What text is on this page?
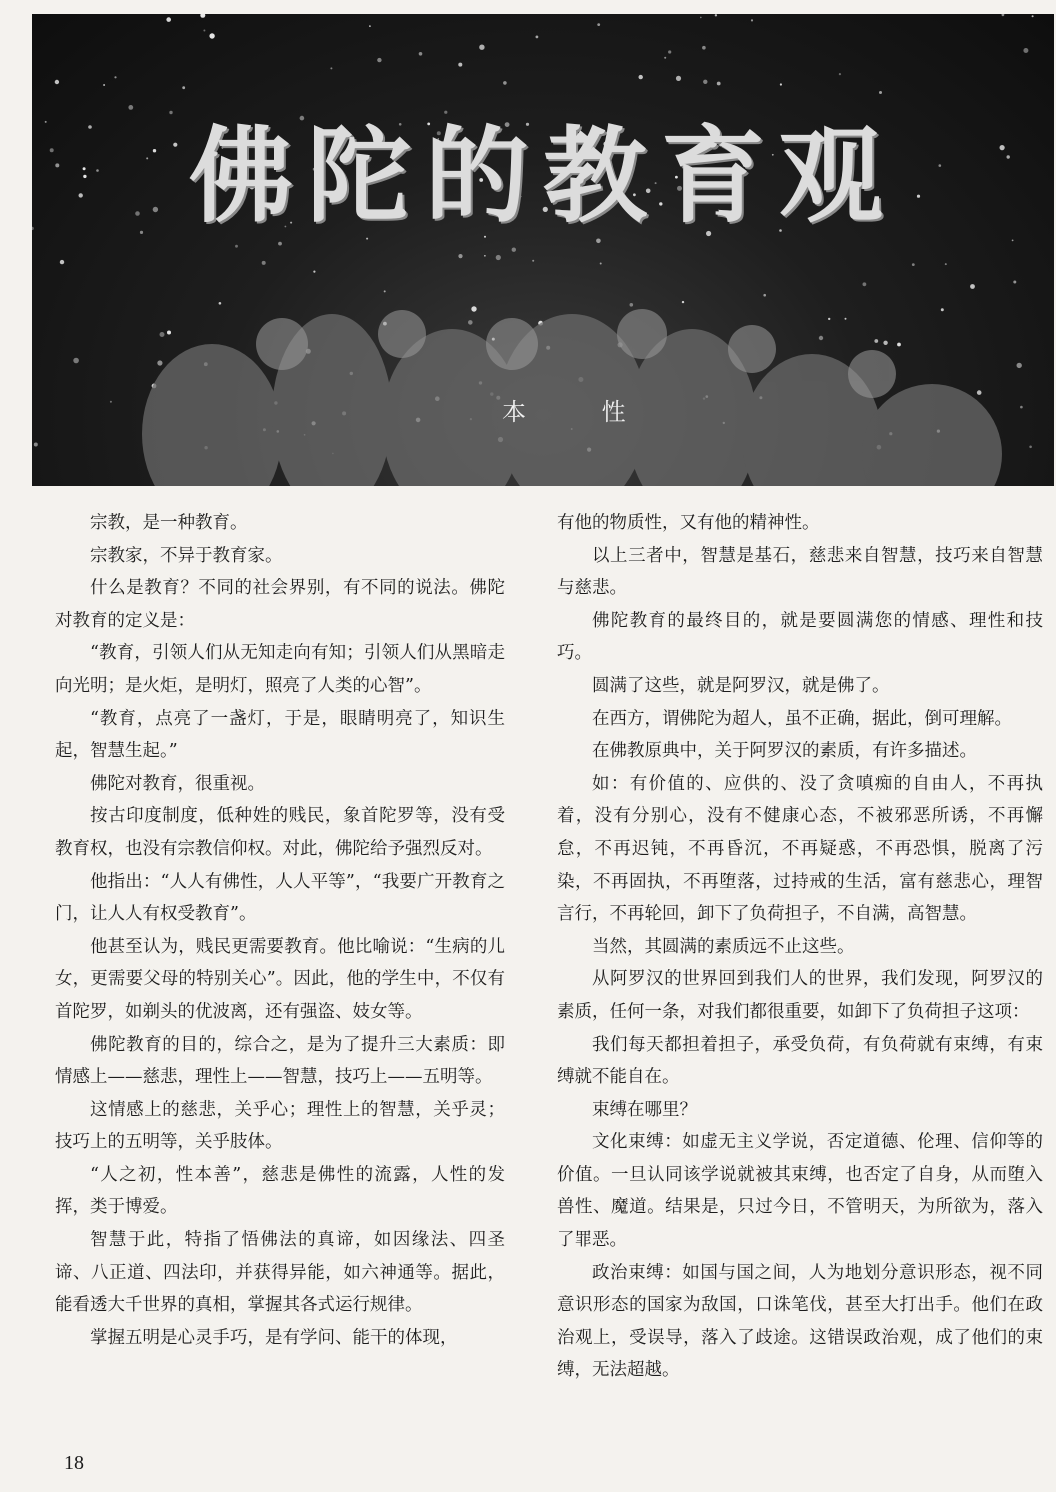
佛陀的教育观
本 性

宗教，是一种教育。

宗教家，不异于教育家。

什么是教育？不同的社会界别，有不同的说法。佛陀对教育的定义是：

“教育，引领人们从无知走向有知；引领人们从黑暗走向光明；是火炬，是明灯，照亮了人类的心智”。

“教育，点亮了一盏灯，于是，眼睛明亮了，知识生起，智慧生起。”

佛陀对教育，很重视。

按古印度制度，低种姓的贱民，象首陀罗等，没有受教育权，也没有宗教信仰权。对此，佛陀给予强烈反对。

他指出：“人人有佛性，人人平等”，“我要广开教育之门，让人人有权受教育”。

他甚至认为，贱民更需要教育。他比喻说：“生病的儿女，更需要父母的特别关心”。因此，他的学生中，不仅有首陀罗，如剃头的优波离，还有强盗、妓女等。

佛陀教育的目的，综合之，是为了提升三大素质：即情感上——慈悲，理性上——智慧，技巧上——五明等。

这情感上的慈悲，关乎心；理性上的智慧，关乎灵；技巧上的五明等，关乎肢体。

“人之初，性本善”，慈悲是佛性的流露，人性的发挥，类于博爱。

智慧于此，特指了悟佛法的真谛，如因缘法、四圣谛、八正道、四法印，并获得异能，如六神通等。据此，能看透大千世界的真相，掌握其各式运行规律。

掌握五明是心灵手巧，是有学问、能干的体现，

有他的物质性，又有他的精神性。

以上三者中，智慧是基石，慈悲来自智慧，技巧来自智慧与慈悲。

佛陀教育的最终目的，就是要圆满您的情感、理性和技巧。

圆满了这些，就是阿罗汉，就是佛了。

在西方，谓佛陀为超人，虽不正确，据此，倒可理解。

在佛教原典中，关于阿罗汉的素质，有许多描述。

如：有价值的、应供的、没了贪嗔痴的自由人，不再执着，没有分别心，没有不健康心态，不被邪恶所诱，不再懈怠，不再迟钝，不再昏沉，不再疑惑，不再恐惧，脱离了污染，不再固执，不再堕落，过持戒的生活，富有慈悲心，理智言行，不再轮回，卸下了负荷担子，不自满，高智慧。

当然，其圆满的素质远不止这些。

从阿罗汉的世界回到我们人的世界，我们发现，阿罗汉的素质，任何一条，对我们都很重要，如卸下了负荷担子这项：

我们每天都担着担子，承受负荷，有负荷就有束缚，有束缚就不能自在。

束缚在哪里？

文化束缚：如虚无主义学说，否定道德、伦理、信仰等的价值。一旦认同该学说就被其束缚，也否定了自身，从而堕入兽性、魔道。结果是，只过今日，不管明天，为所欲为，落入了罪恶。

政治束缚：如国与国之间，人为地划分意识形态，视不同意识形态的国家为敌国，口诛笔伐，甚至大打出手。他们在政治观上，受误导，落入了歧途。这错误政治观，成了他们的束缚，无法超越。

18
